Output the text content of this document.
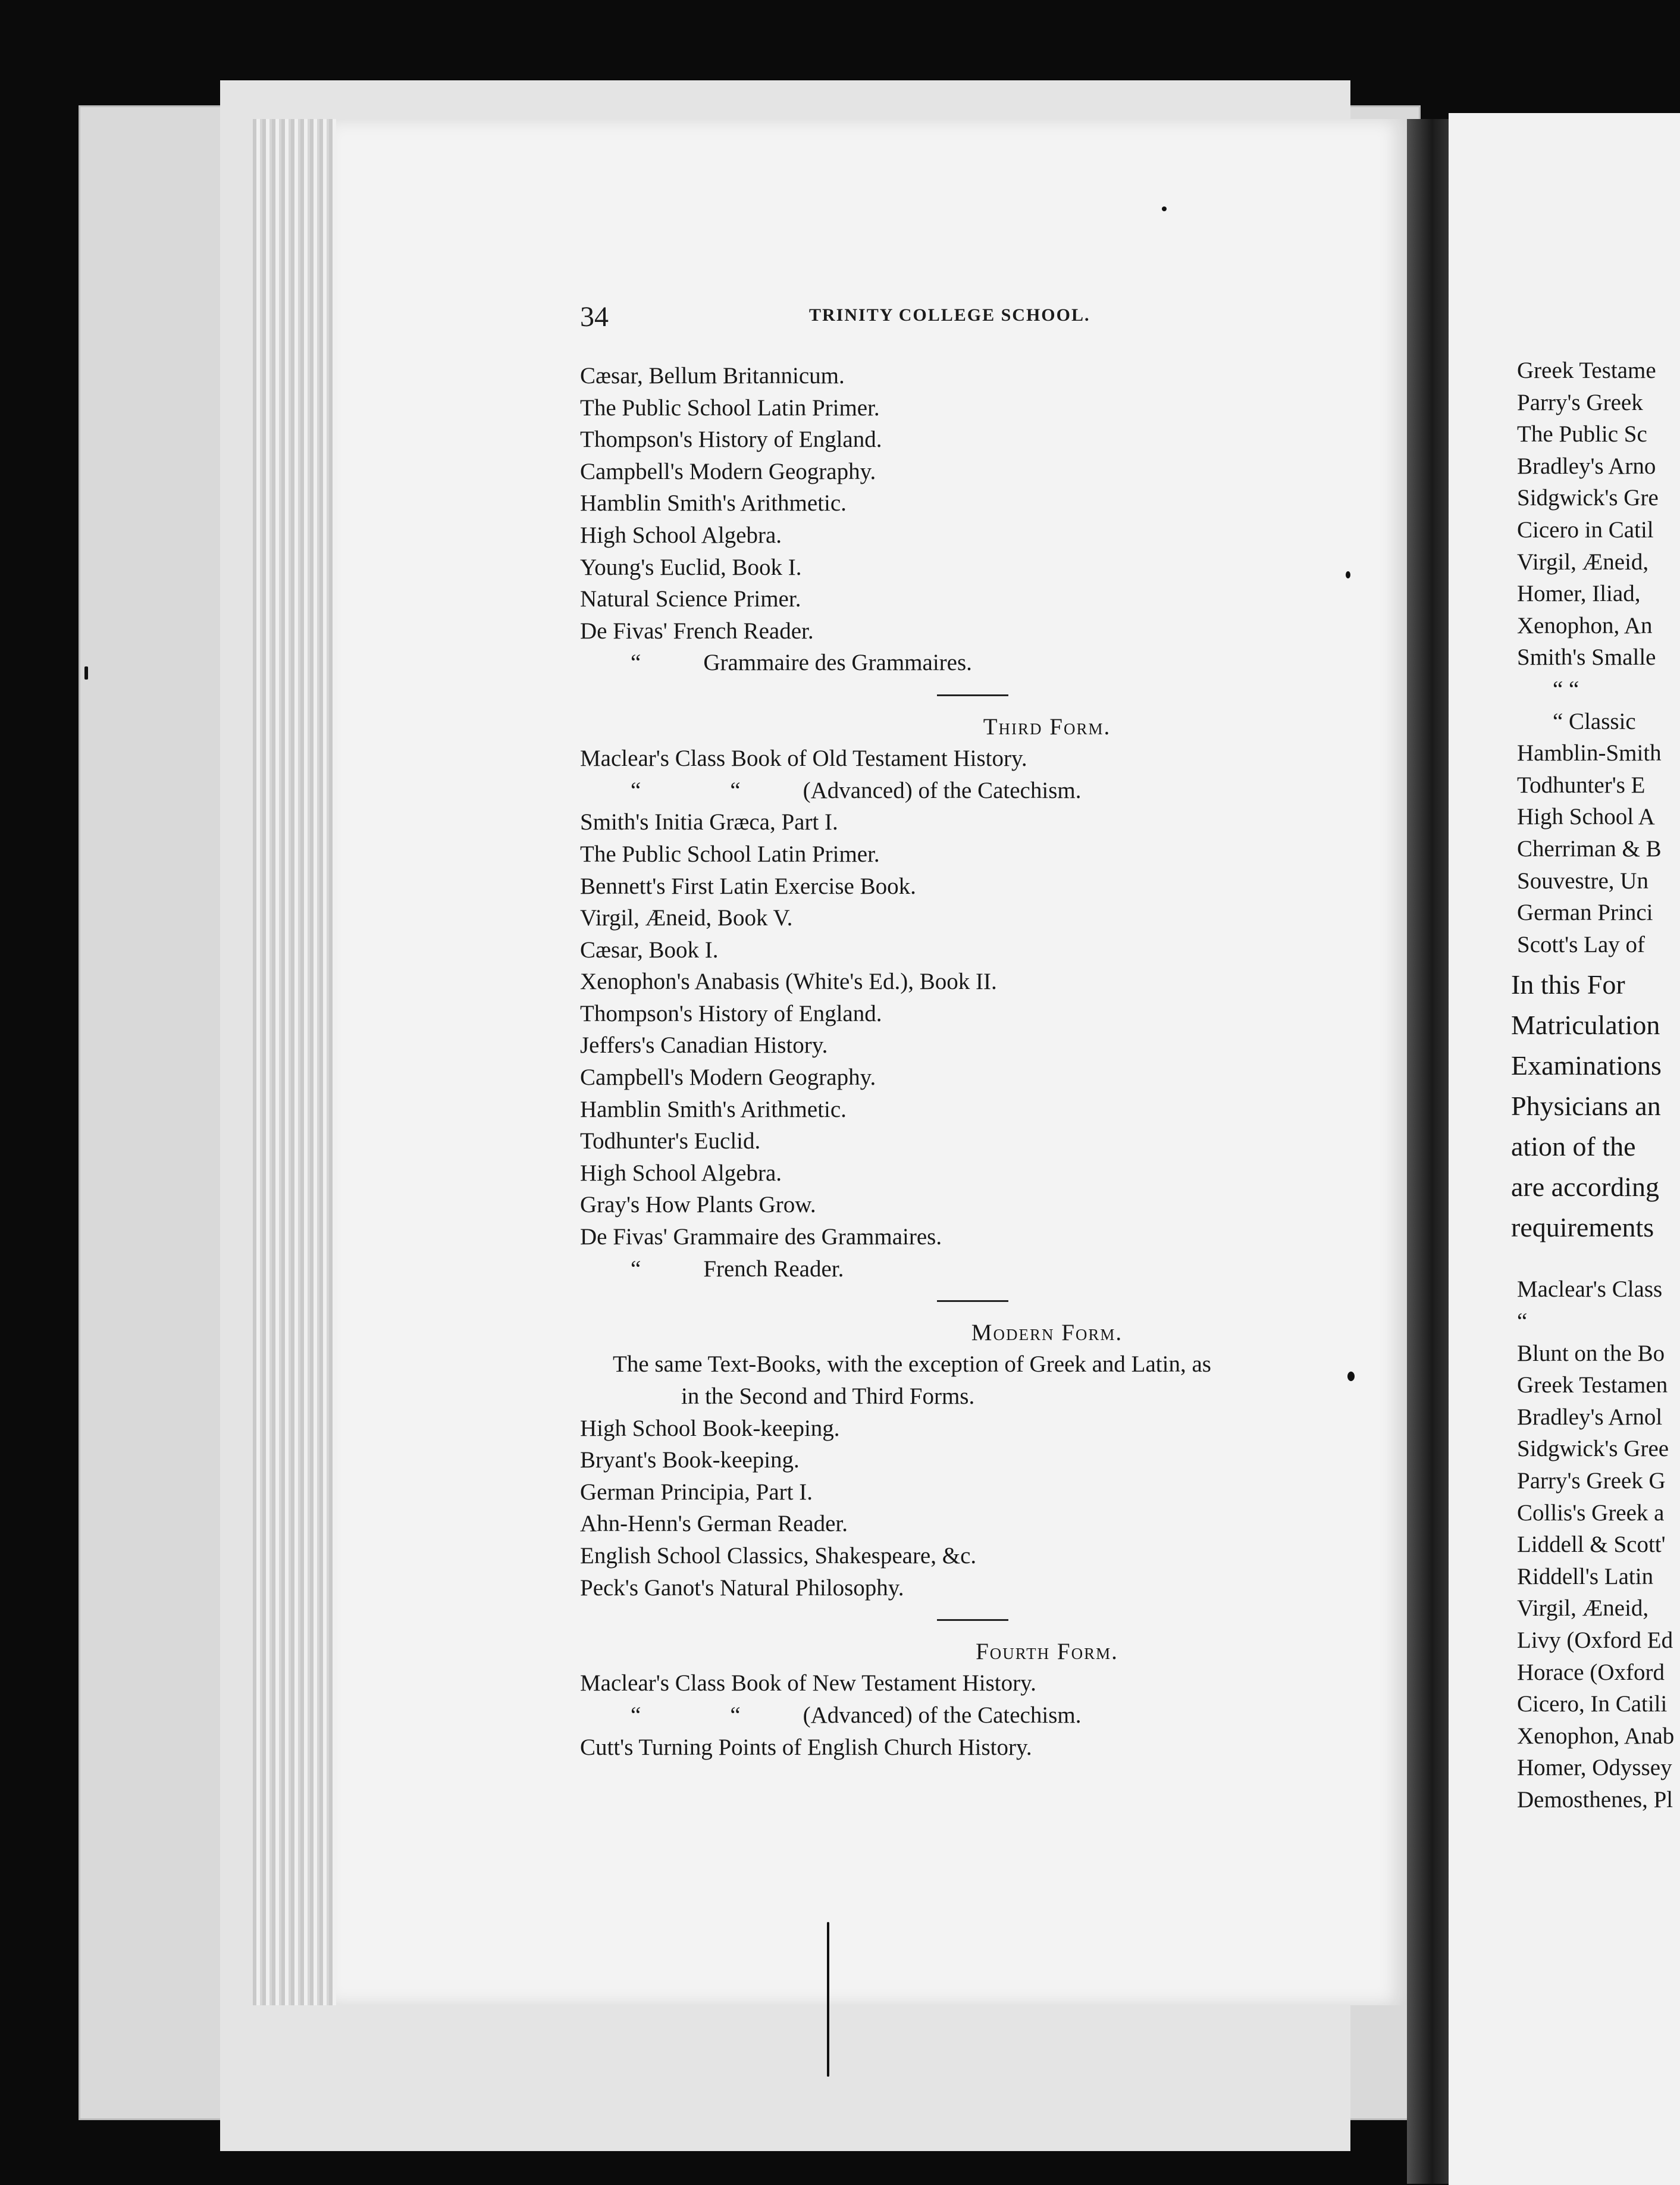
34	TRINITY COLLEGE SCHOOL.
Cæsar, Bellum Britannicum.
The Public School Latin Primer.
Thompson's History of England.
Campbell's Modern Geography.
Hamblin Smith's Arithmetic.
High School Algebra.
Young's Euclid, Book I.
Natural Science Primer.
De Fivas' French Reader.
“	Grammaire des Grammaires.
Third Form.
Maclear's Class Book of Old Testament History.
“	“	(Advanced) of the Catechism.
Smith's Initia Græca, Part I.
The Public School Latin Primer.
Bennett's First Latin Exercise Book.
Virgil, Æneid, Book V.
Cæsar, Book I.
Xenophon's Anabasis (White's Ed.), Book II.
Thompson's History of England.
Jeffers's Canadian History.
Campbell's Modern Geography.
Hamblin Smith's Arithmetic.
Todhunter's Euclid.
High School Algebra.
Gray's How Plants Grow.
De Fivas' Grammaire des Grammaires.
“	French Reader.
Modern Form.
The same Text-Books, with the exception of Greek and Latin, as
in the Second and Third Forms.
High School Book-keeping.
Bryant's Book-keeping.
German Principia, Part I.
Ahn-Henn's German Reader.
English School Classics, Shakespeare, &c.
Peck's Ganot's Natural Philosophy.
Fourth Form.
Maclear's Class Book of New Testament History.
“	“	(Advanced) of the Catechism.
Cutt's Turning Points of English Church History.
Greek Testame
Parry's Greek
The Public Sc
Bradley's Arno
Sidgwick's Gre
Cicero in Catil
Virgil, Æneid,
Homer, Iliad,
Xenophon, An
Smith's Smalle
“ “
“ Classic
Hamblin-Smith
Todhunter's E
High School A
Cherriman & B
Souvestre, Un
German Princi
Scott's Lay of
In this For
Matriculation
Examinations
Physicians an
ation of the
are according
requirements
Maclear's Class
“
Blunt on the Bo
Greek Testamen
Bradley's Arnol
Sidgwick's Gree
Parry's Greek G
Collis's Greek a
Liddell & Scott'
Riddell's Latin
Virgil, Æneid,
Livy (Oxford Ed
Horace (Oxford
Cicero, In Catili
Xenophon, Anab
Homer, Odyssey
Demosthenes, Pl
